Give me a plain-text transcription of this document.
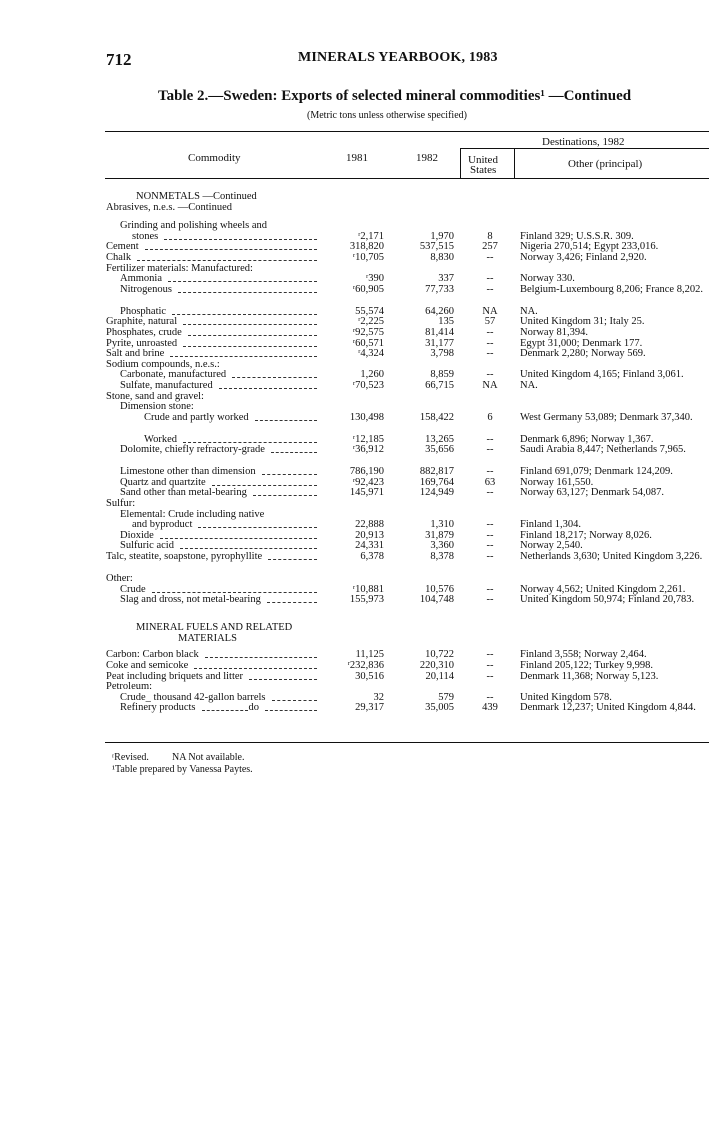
712	MINERALS YEARBOOK, 1983
Table 2.—Sweden: Exports of selected mineral commodities¹ —Continued
(Metric tons unless otherwise specified)
Commodity	1981	1982
Destinations, 1982
United
States	Other (principal)
NONMETALS —Continued
Abrasives, n.e.s. —Continued
Grinding and polishing wheels and
stones	ʳ2,171	1,970	8	Finland 329; U.S.S.R. 309.
Cement	318,820	537,515	257	Nigeria 270,514; Egypt 233,016.
Chalk	ʳ10,705	8,830	--	Norway 3,426; Finland 2,920.
Fertilizer materials: Manufactured:
Ammonia	ʳ390	337	--	Norway 330.
Nitrogenous	ʳ60,905	77,733	--	Belgium-Luxembourg 8,206; France 8,202.
Phosphatic	55,574	64,260	NA	NA.
Graphite, natural	ʳ2,225	135	57	United Kingdom 31; Italy 25.
Phosphates, crude	ʳ92,575	81,414	--	Norway 81,394.
Pyrite, unroasted	ʳ60,571	31,177	--	Egypt 31,000; Denmark 177.
Salt and brine	ʳ4,324	3,798	--	Denmark 2,280; Norway 569.
Sodium compounds, n.e.s.:
Carbonate, manufactured	1,260	8,859	--	United Kingdom 4,165; Finland 3,061.
Sulfate, manufactured	ʳ70,523	66,715	NA	NA.
Stone, sand and gravel:
Dimension stone:
Crude and partly worked	130,498	158,422	6	West Germany 53,089; Denmark 37,340.
Worked	ʳ12,185	13,265	--	Denmark 6,896; Norway 1,367.
Dolomite, chiefly refractory-grade	ʳ36,912	35,656	--	Saudi Arabia 8,447; Netherlands 7,965.
Limestone other than dimension	786,190	882,817	--	Finland 691,079; Denmark 124,209.
Quartz and quartzite	ʳ92,423	169,764	63	Norway 161,550.
Sand other than metal-bearing	145,971	124,949	--	Norway 63,127; Denmark 54,087.
Sulfur:
Elemental: Crude including native
and byproduct	22,888	1,310	--	Finland 1,304.
Dioxide	20,913	31,879	--	Finland 18,217; Norway 8,026.
Sulfuric acid	24,331	3,360	--	Norway 2,540.
Talc, steatite, soapstone, pyrophyllite	6,378	8,378	--	Netherlands 3,630; United Kingdom 3,226.
Other:
Crude	ʳ10,881	10,576	--	Norway 4,562; United Kingdom 2,261.
Slag and dross, not metal-bearing	155,973	104,748	--	United Kingdom 50,974; Finland 20,783.
MINERAL FUELS AND RELATED
MATERIALS
Carbon: Carbon black	11,125	10,722	--	Finland 3,558; Norway 2,464.
Coke and semicoke	ʳ232,836	220,310	--	Finland 205,122; Turkey 9,998.
Peat including briquets and litter	30,516	20,114	--	Denmark 11,368; Norway 5,123.
Petroleum:
Crude_ thousand 42-gallon barrels	32	579	--	United Kingdom 578.
Refinery products	do	29,317	35,005	439	Denmark 12,237; United Kingdom 4,844.
ʳRevised. NA Not available.
¹Table prepared by Vanessa Paytes.
